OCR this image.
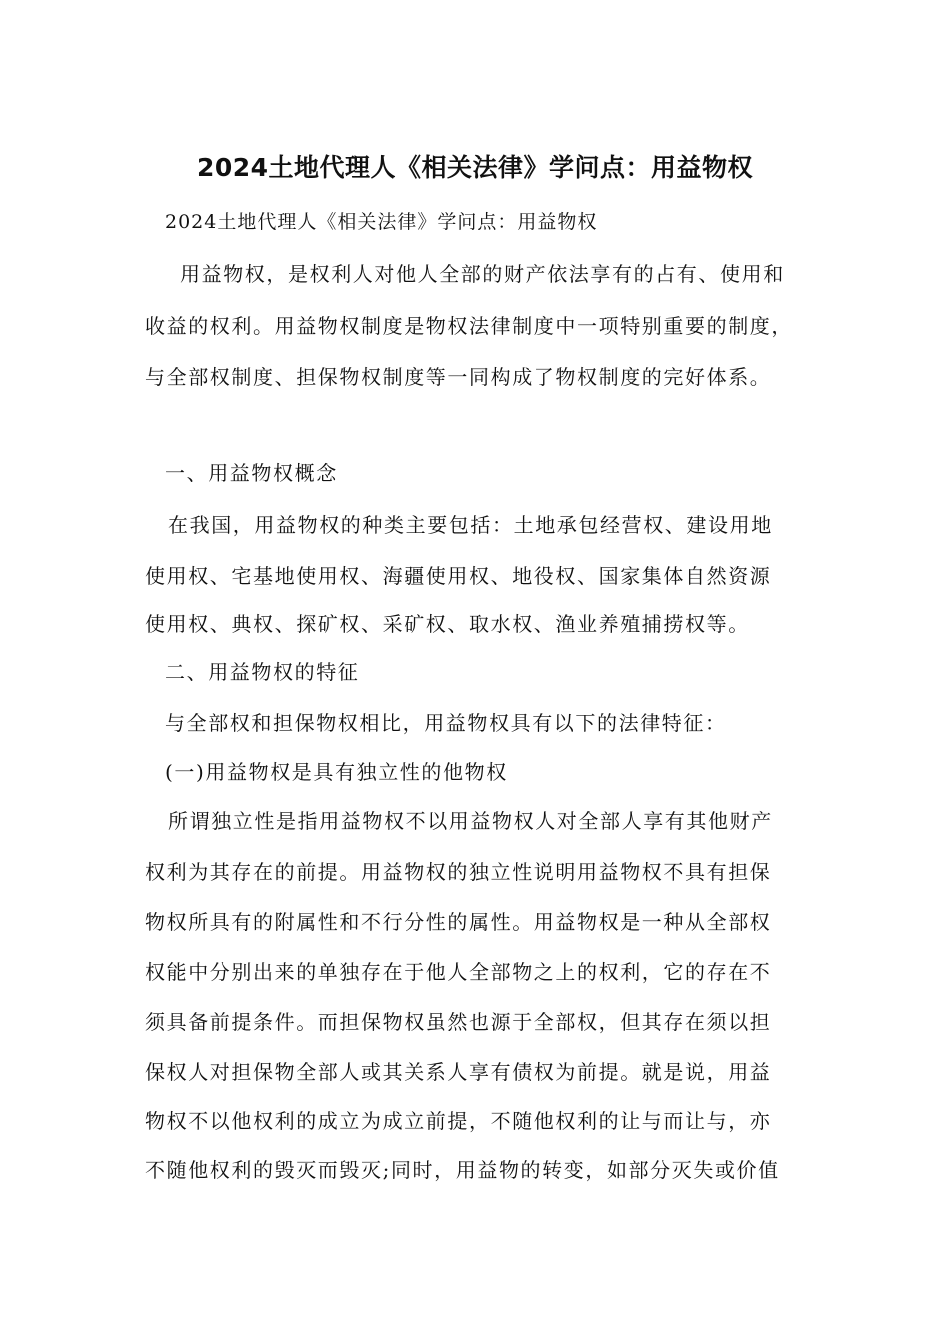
2024土地代理人《相关法律》学问点：用益物权
2024土地代理人《相关法律》学问点：用益物权
用益物权，是权利人对他人全部的财产依法享有的占有、使用和
收益的权利。用益物权制度是物权法律制度中一项特别重要的制度，
与全部权制度、担保物权制度等一同构成了物权制度的完好体系。
一、用益物权概念
在我国，用益物权的种类主要包括：土地承包经营权、建设用地
使用权、宅基地使用权、海疆使用权、地役权、国家集体自然资源
使用权、典权、探矿权、采矿权、取水权、渔业养殖捕捞权等。
二、用益物权的特征
与全部权和担保物权相比，用益物权具有以下的法律特征：
(一)用益物权是具有独立性的他物权
所谓独立性是指用益物权不以用益物权人对全部人享有其他财产
权利为其存在的前提。用益物权的独立性说明用益物权不具有担保
物权所具有的附属性和不行分性的属性。用益物权是一种从全部权
权能中分别出来的单独存在于他人全部物之上的权利，它的存在不
须具备前提条件。而担保物权虽然也源于全部权，但其存在须以担
保权人对担保物全部人或其关系人享有债权为前提。就是说，用益
物权不以他权利的成立为成立前提，不随他权利的让与而让与，亦
不随他权利的毁灭而毁灭;同时，用益物的转变，如部分灭失或价值
